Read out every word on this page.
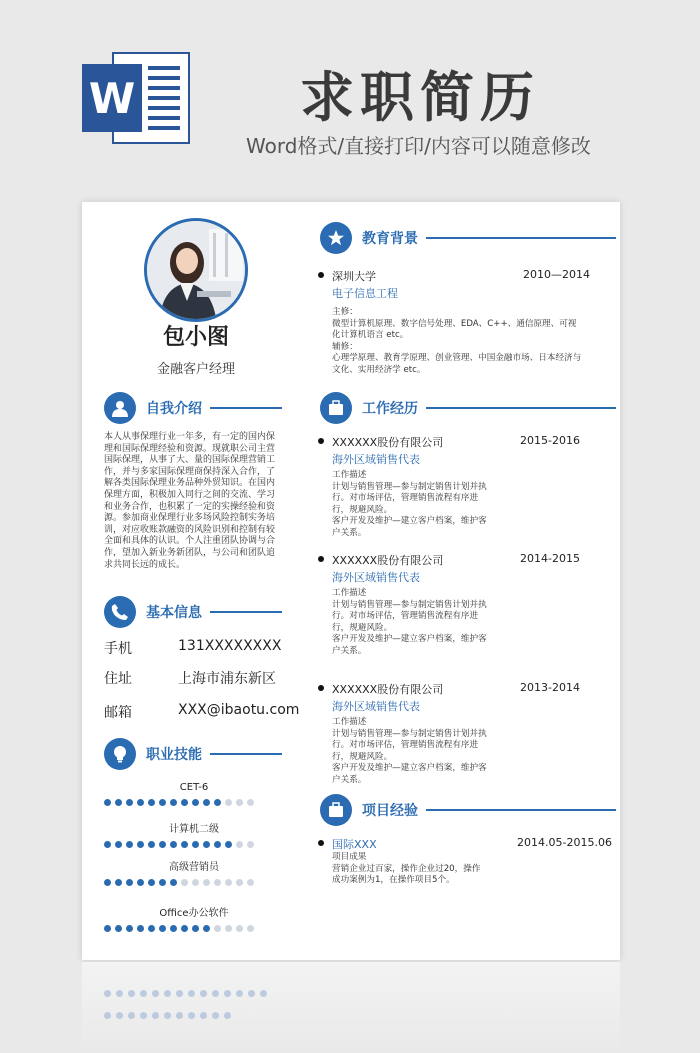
W	求职简历
Word格式/直接打印/内容可以随意修改
包小图
金融客户经理
自我介绍
本人从事保理行业一年多，有一定的国内保理和国际保理经验和资源。现就职公司主营国际保理，从事了大、量的国际保理营销工作，并与多家国际保理商保持深入合作，了解各类国际保理业务品种外贸知识。在国内保理方面，积极加入同行之间的交流、学习和业务合作，也积累了一定的实操经验和资源。参加商业保理行业多场风险控制实务培训，对应收账款融资的风险识别和控制有较全面和具体的认识。个人注重团队协调与合作，望加入新业务新团队，与公司和团队追求共同长远的成长。
基本信息
手机	131XXXXXXXX
住址	上海市浦东新区
邮箱	XXX@ibaotu.com
职业技能
CET-6
计算机二级
高级营销员
Office办公软件
教育背景
深圳大学	2010—2014
电子信息工程
主修：
微型计算机原理、数字信号处理、EDA、C++、通信原理、可视化计算机语言 etc。
辅修：
心理学原理、教育学原理、创业管理、中国金融市场、日本经济与文化、实用经济学 etc。
工作经历
XXXXXX股份有限公司	2015-2016
海外区域销售代表
工作描述
计划与销售管理—参与制定销售计划并执行。对市场评估，管理销售流程有序进行，规避风险。
客户开发及维护—建立客户档案，维护客户关系。
XXXXXX股份有限公司	2014-2015
海外区域销售代表
工作描述
计划与销售管理—参与制定销售计划并执行。对市场评估，管理销售流程有序进行，规避风险。
客户开发及维护—建立客户档案，维护客户关系。
XXXXXX股份有限公司	2013-2014
海外区域销售代表
工作描述
计划与销售管理—参与制定销售计划并执行。对市场评估，管理销售流程有序进行，规避风险。
客户开发及维护—建立客户档案，维护客户关系。
项目经验
国际XXX	2014.05-2015.06
项目成果
营销企业过百家，操作企业过20，操作成功案例为1，在操作项目5个。
